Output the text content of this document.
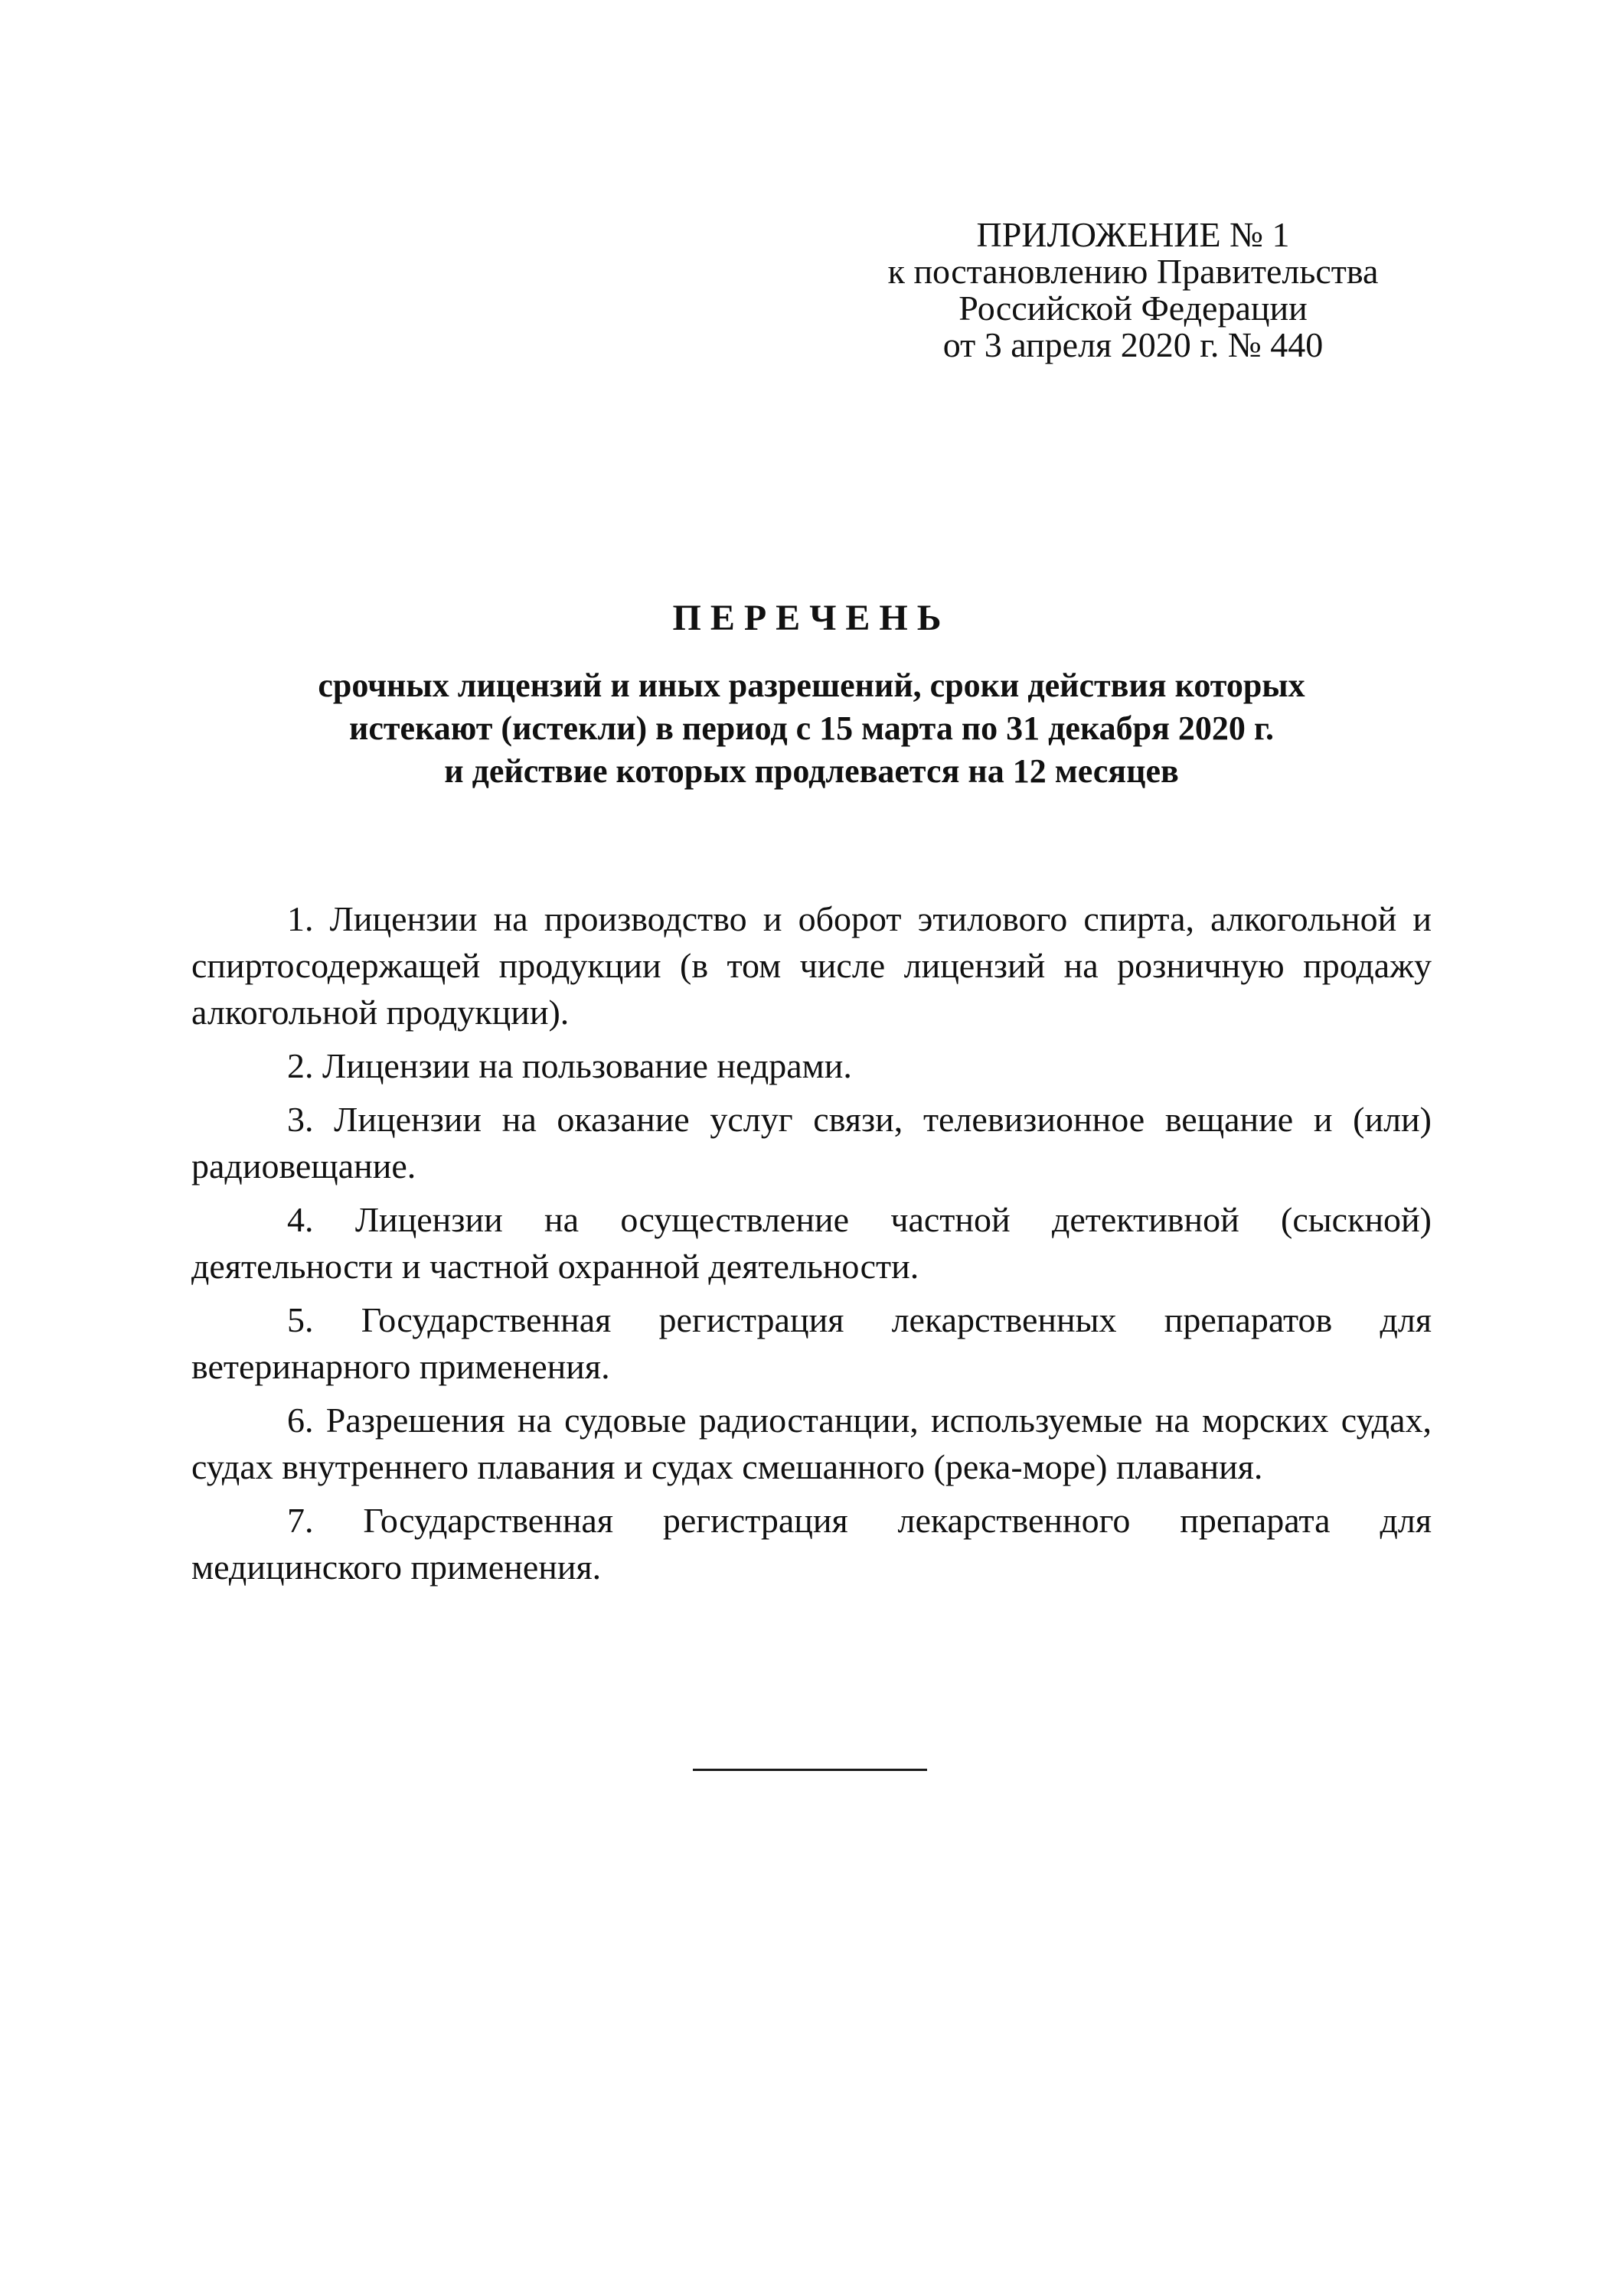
ПРИЛОЖЕНИЕ № 1
к постановлению Правительства
Российской Федерации
от 3 апреля 2020 г. № 440
ПЕРЕЧЕНЬ
срочных лицензий и иных разрешений, сроки действия которых
истекают (истекли) в период с 15 марта по 31 декабря 2020 г.
и действие которых продлевается на 12 месяцев

1. Лицензии на производство и оборот этилового спирта, алкогольной и спиртосодержащей продукции (в том числе лицензий на розничную продажу алкогольной продукции).

2. Лицензии на пользование недрами.

3. Лицензии на оказание услуг связи, телевизионное вещание и (или) радиовещание.

4. Лицензии на осуществление частной детективной (сыскной) деятельности и частной охранной деятельности.

5. Государственная регистрация лекарственных препаратов для ветеринарного применения.

6. Разрешения на судовые радиостанции, используемые на морских судах, судах внутреннего плавания и судах смешанного (река-море) плавания.

7. Государственная регистрация лекарственного препарата для медицинского применения.
